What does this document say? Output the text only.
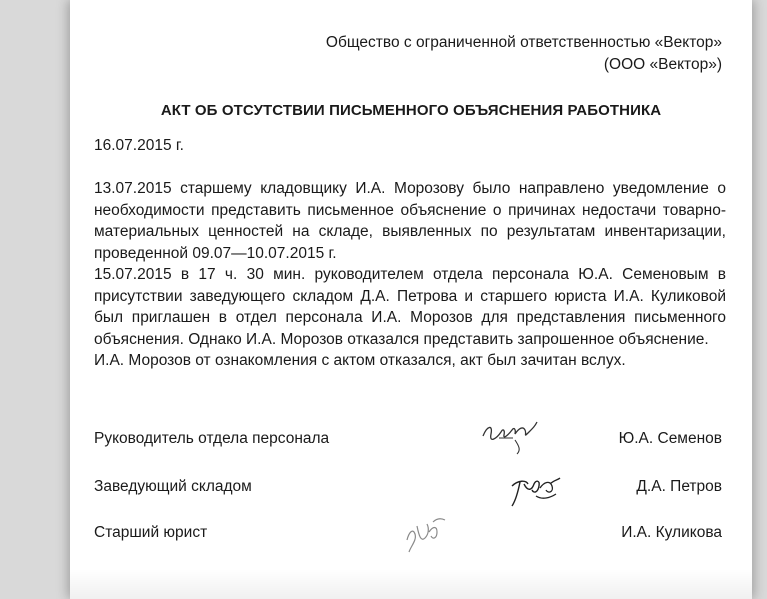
Общество с ограниченной ответственностью «Вектор»
(ООО «Вектор»)
АКТ ОБ ОТСУТСТВИИ ПИСЬМЕННОГО ОБЪЯСНЕНИЯ РАБОТНИКА
16.07.2015 г.

13.07.2015 старшему кладовщику И.А. Морозову было направлено уведомление о необходимости представить письменное объяснение о причинах недостачи товарно-материальных ценностей на складе, выявленных по результатам инвентаризации, проведенной 09.07—10.07.2015 г.

15.07.2015 в 17 ч. 30 мин. руководителем отдела персонала Ю.А. Семеновым в присутствии заведующего складом Д.А. Петрова и старшего юриста И.А. Куликовой был приглашен в отдел персонала И.А. Морозов для представления письменного объяснения. Однако И.А. Морозов отказался представить запрошенное объяснение.

И.А. Морозов от ознакомления с актом отказался, акт был зачитан вслух.

Руководитель отдела персонала	Ю.А. Семенов
Заведующий складом	Д.А. Петров
Старший юрист	И.А. Куликова
